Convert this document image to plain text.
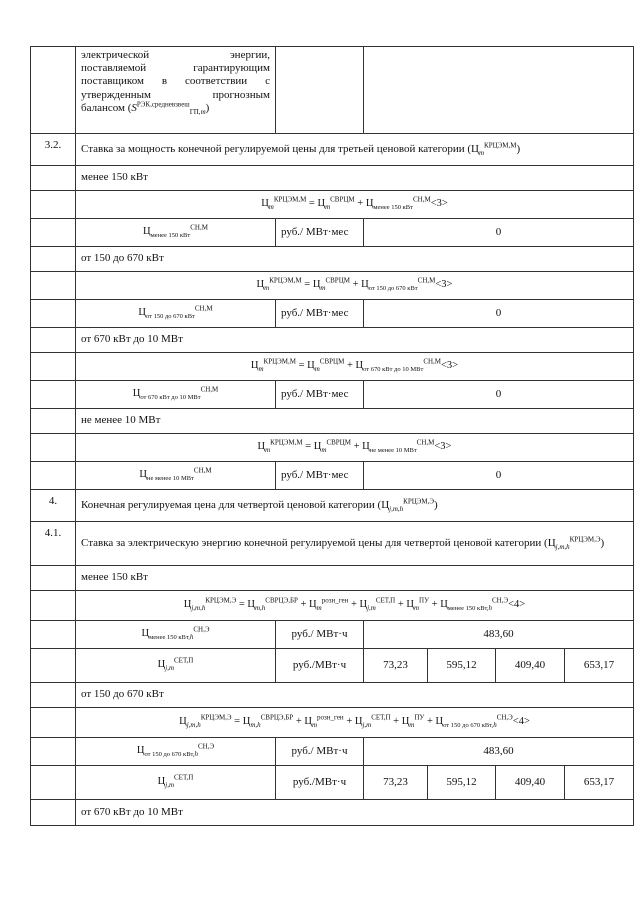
	электрической энергии,
поставляемой гарантирующим
поставщиком в соответствии с
утвержденным прогнозным
балансом $(S^{РЭК,средневзвеш}_{ГП,m})$					

3.2.	Ставка за мощность конечной регулируемой цены для третьей ценовой категории $(Ц_m^{КРЦЭМ,М})$					
	менее 150 кВт					
	$Ц_m^{КРЦЭМ,М} = Ц_m^{СВРЦМ} + Ц_{менее 150 кВт}^{СН,М}<3>$					
	$Ц_{менее 150 кВт}^{СН,М}$	руб./ МВт·мес	0			
	от 150 до 670 кВт					
	$Ц_m^{КРЦЭМ,М} = Ц_m^{СВРЦМ} + Ц_{от 150 до 670 кВт}^{СН,М}<3>$					
	$Ц_{от 150 до 670 кВт}^{СН,М}$	руб./ МВт·мес	0			
	от 670 кВт до 10 МВт					
	$Ц_m^{КРЦЭМ,М} = Ц_m^{СВРЦМ} + Ц_{от 670 кВт до 10 МВт}^{СН,М}<3>$					
	$Ц_{от 670 кВт до 10 МВт}^{СН,М}$	руб./ МВт·мес	0			
	не менее 10 МВт					
	$Ц_m^{КРЦЭМ,М} = Ц_m^{СВРЦМ} + Ц_{не менее 10 МВт}^{СН,М}<3>$					
	$Ц_{не менее 10 МВт}^{СН,М}$	руб./ МВт·мес	0			
4.	Конечная регулируемая цена для четвертой ценовой категории $(Ц_{j,m,h}^{КРЦЭМ,Э})$					
4.1.	Ставка за электрическую энергию конечной регулируемой цены для четвертой ценовой категории $(Ц_{j,m,h}^{КРЦЭМ,Э})$					
	менее 150 кВт					
	$Ц_{j,m,h}^{КРЦЭМ,Э} = Ц_{m,h}^{СВРЦЭ,БР} + Ц_m^{розн\_ген} + Ц_{j,m}^{СЕТ,П} + Ц_m^{ПУ} + Ц_{менее 150 кВт,h}^{СН,Э}<4>$					
	$Ц_{менее 150 кВт,h}^{СН,Э}$	руб./ МВт·ч	483,60			
	$Ц_{j,m}^{СЕТ,П}$	руб./МВт·ч	73,23	595,12	409,40	653,17
	от 150 до 670 кВт					
	$Ц_{j,m,h}^{КРЦЭМ,Э} = Ц_{m,h}^{СВРЦЭ,БР} + Ц_m^{розн\_ген} + Ц_{j,m}^{СЕТ,П} + Ц_m^{ПУ} + Ц_{от 150 до 670 кВт,h}^{СН,Э}<4>$					
	$Ц_{от 150 до 670 кВт,h}^{СН,Э}$	руб./ МВт·ч	483,60			
	$Ц_{j,m}^{СЕТ,П}$	руб./МВт·ч	73,23	595,12	409,40	653,17
	от 670 кВт до 10 МВт					
